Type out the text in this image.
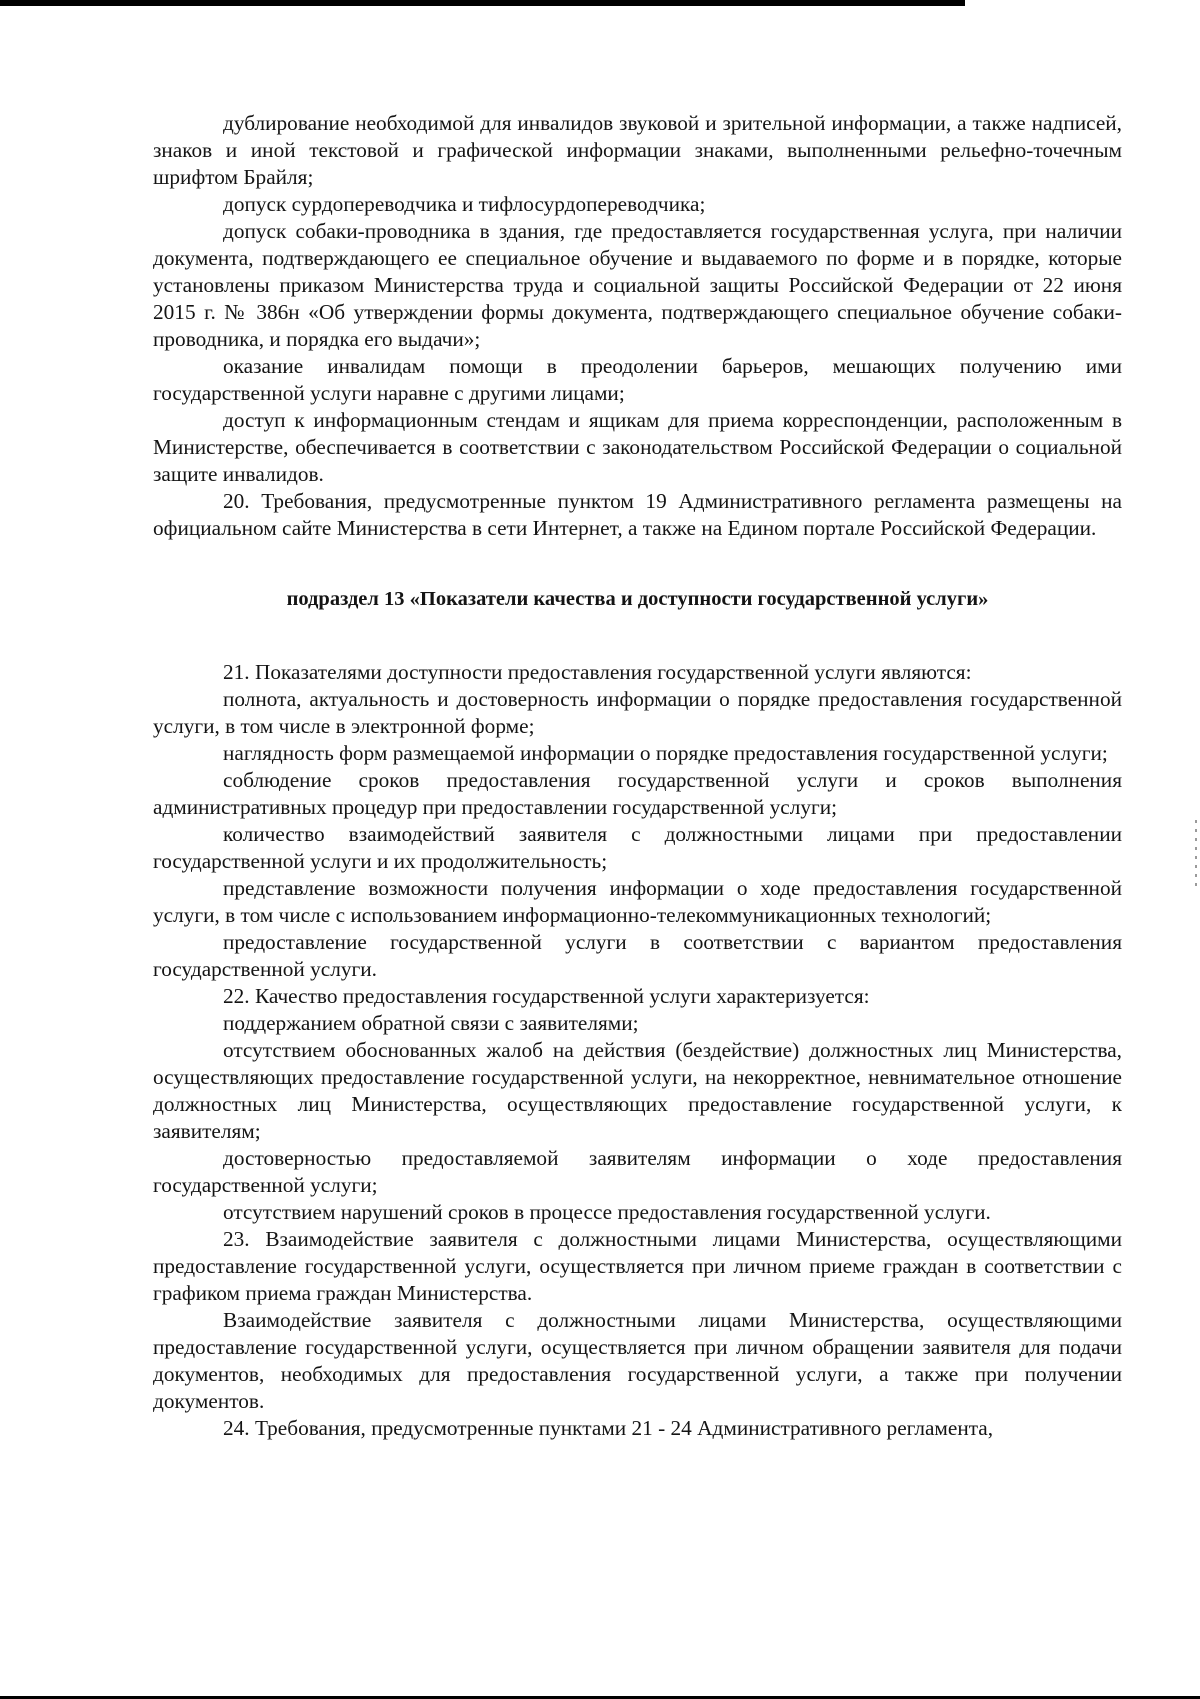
дублирование необходимой для инвалидов звуковой и зрительной информации, а также надписей, знаков и иной текстовой и графической информации знаками, выполненными рельефно-точечным шрифтом Брайля;

допуск сурдопереводчика и тифлосурдопереводчика;

допуск собаки-проводника в здания, где предоставляется государственная услуга, при наличии документа, подтверждающего ее специальное обучение и выдаваемого по форме и в порядке, которые установлены приказом Министерства труда и социальной защиты Российской Федерации от 22 июня 2015 г. № 386н «Об утверждении формы документа, подтверждающего специальное обучение собаки-проводника, и порядка его выдачи»;

оказание инвалидам помощи в преодолении барьеров, мешающих получению ими государственной услуги наравне с другими лицами;

доступ к информационным стендам и ящикам для приема корреспонденции, расположенным в Министерстве, обеспечивается в соответствии с законодательством Российской Федерации о социальной защите инвалидов.

20. Требования, предусмотренные пунктом 19 Административного регламента размещены на официальном сайте Министерства в сети Интернет, а также на Едином портале Российской Федерации.

подраздел 13 «Показатели качества и доступности государственной услуги»

21. Показателями доступности предоставления государственной услуги являются:

полнота, актуальность и достоверность информации о порядке предоставления государственной услуги, в том числе в электронной форме;

наглядность форм размещаемой информации о порядке предоставления государственной услуги;

соблюдение сроков предоставления государственной услуги и сроков выполнения административных процедур при предоставлении государственной услуги;

количество взаимодействий заявителя с должностными лицами при предоставлении государственной услуги и их продолжительность;

представление возможности получения информации о ходе предоставления государственной услуги, в том числе с использованием информационно-телекоммуникационных технологий;

предоставление государственной услуги в соответствии с вариантом предоставления государственной услуги.

22. Качество предоставления государственной услуги характеризуется:

поддержанием обратной связи с заявителями;

отсутствием обоснованных жалоб на действия (бездействие) должностных лиц Министерства, осуществляющих предоставление государственной услуги, на некорректное, невнимательное отношение должностных лиц Министерства, осуществляющих предоставление государственной услуги, к заявителям;

достоверностью предоставляемой заявителям информации о ходе предоставления государственной услуги;

отсутствием нарушений сроков в процессе предоставления государственной услуги.

23. Взаимодействие заявителя с должностными лицами Министерства, осуществляющими предоставление государственной услуги, осуществляется при личном приеме граждан в соответствии с графиком приема граждан Министерства.

Взаимодействие заявителя с должностными лицами Министерства, осуществляющими предоставление государственной услуги, осуществляется при личном обращении заявителя для подачи документов, необходимых для предоставления государственной услуги, а также при получении документов.

24. Требования, предусмотренные пунктами 21 - 24 Административного регламента,
